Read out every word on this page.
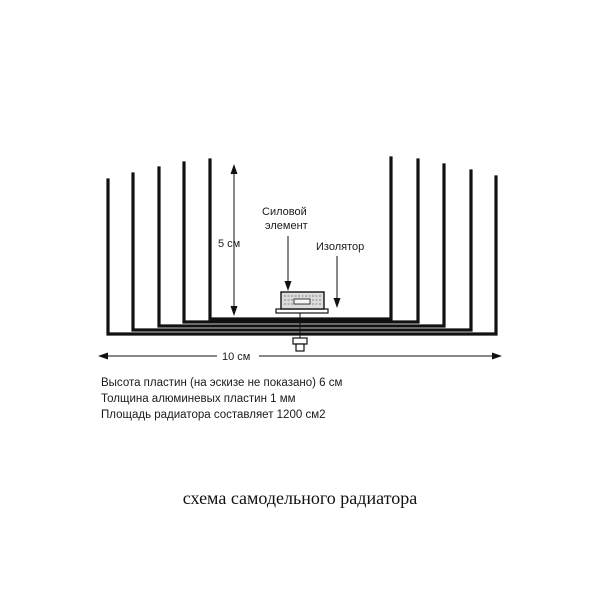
5 см
Силовой
элемент
Изолятор
10 см
Высота пластин (на эскизе не показано) 6 см
Толщина алюминевых пластин 1 мм
Площадь радиатора составляет 1200 см2
схема самодельного радиатора
